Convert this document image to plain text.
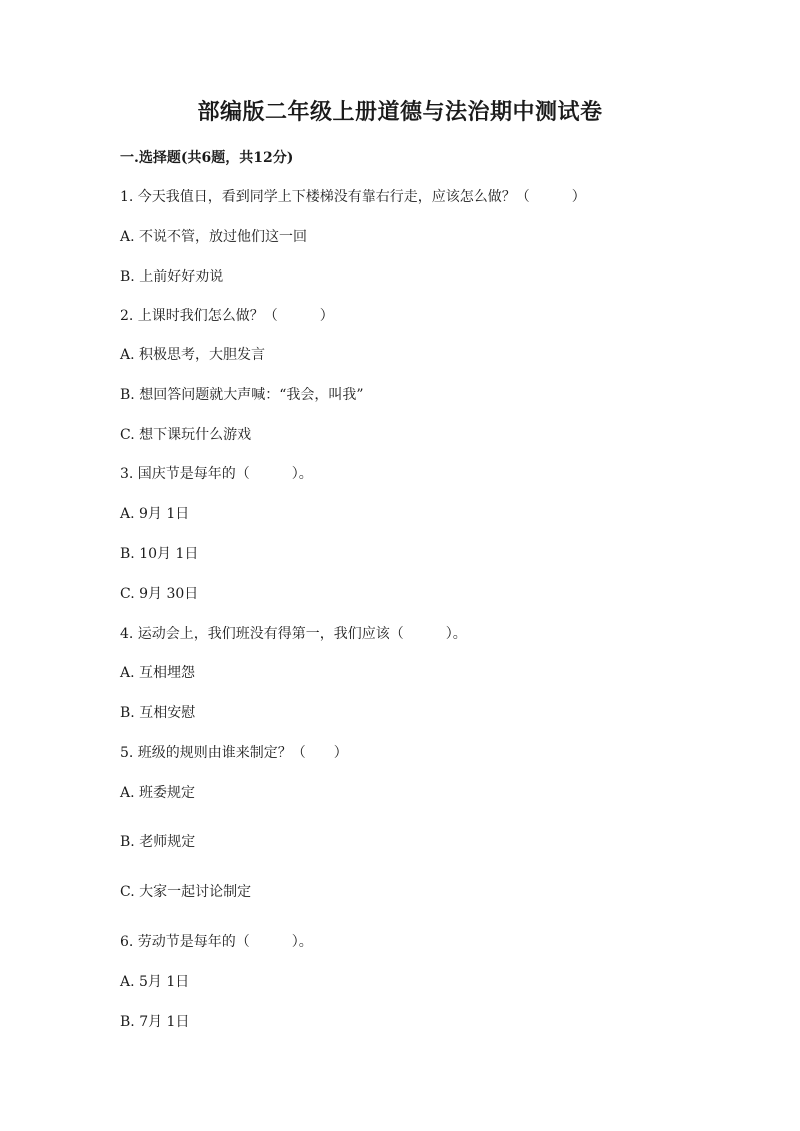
部编版二年级上册道德与法治期中测试卷
一.选择题(共6题，共12分)
1. 今天我值日，看到同学上下楼梯没有靠右行走，应该怎么做？（　　　）
A. 不说不管，放过他们这一回
B. 上前好好劝说
2. 上课时我们怎么做？（　　　）
A. 积极思考，大胆发言
B. 想回答问题就大声喊：“我会，叫我”
C. 想下课玩什么游戏
3. 国庆节是每年的（　　　）。
A. 9月 1日
B. 10月 1日
C. 9月 30日
4. 运动会上，我们班没有得第一，我们应该（　　　）。
A. 互相埋怨
B. 互相安慰
5. 班级的规则由谁来制定？（　　）
A. 班委规定
B. 老师规定
C. 大家一起讨论制定
6. 劳动节是每年的（　　　）。
A. 5月 1日
B. 7月 1日
